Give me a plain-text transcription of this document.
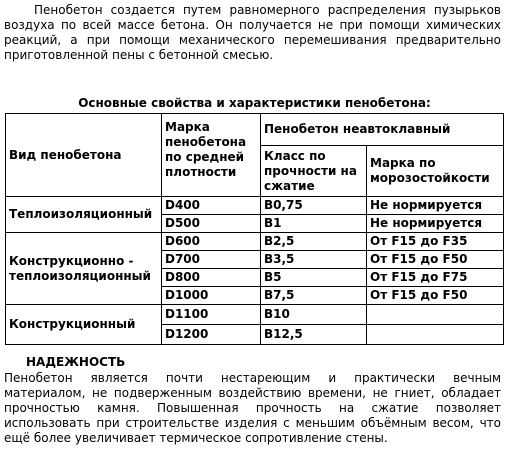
Пенобетон создается путем равномерного распределения пузырьков воздуха по всей массе бетона. Он получается не при помощи химических реакций, а при помощи механического перемешивания предварительно приготовленной пены с бетонной смесью.

Основные свойства и характеристики пенобетона:

Вид пенобетона	Марка пенобетона по средней плотности	Пенобетон неавтоклавный	
		Класс по прочности на сжатие	Марка по морозостойкости
Теплоизоляционный	D400	B0,75	Не нормируется
	D500	B1	Не нормируется
Конструкционно - теплоизоляционный	D600	B2,5	От F15 до F35
	D700	B3,5	От F15 до F50
	D800	B5	От F15 до F75
	D1000	B7,5	От F15 до F50
Конструкционный	D1100	B10	
	D1200	B12,5	

НАДЕЖНОСТЬ

Пенобетон является почти нестареющим и практически вечным материалом, не подверженным воздействию времени, не гниет, обладает прочностью камня. Повышенная прочность на сжатие позволяет использовать при строительстве изделия с меньшим объёмным весом, что ещё более увеличивает термическое сопротивление стены.
